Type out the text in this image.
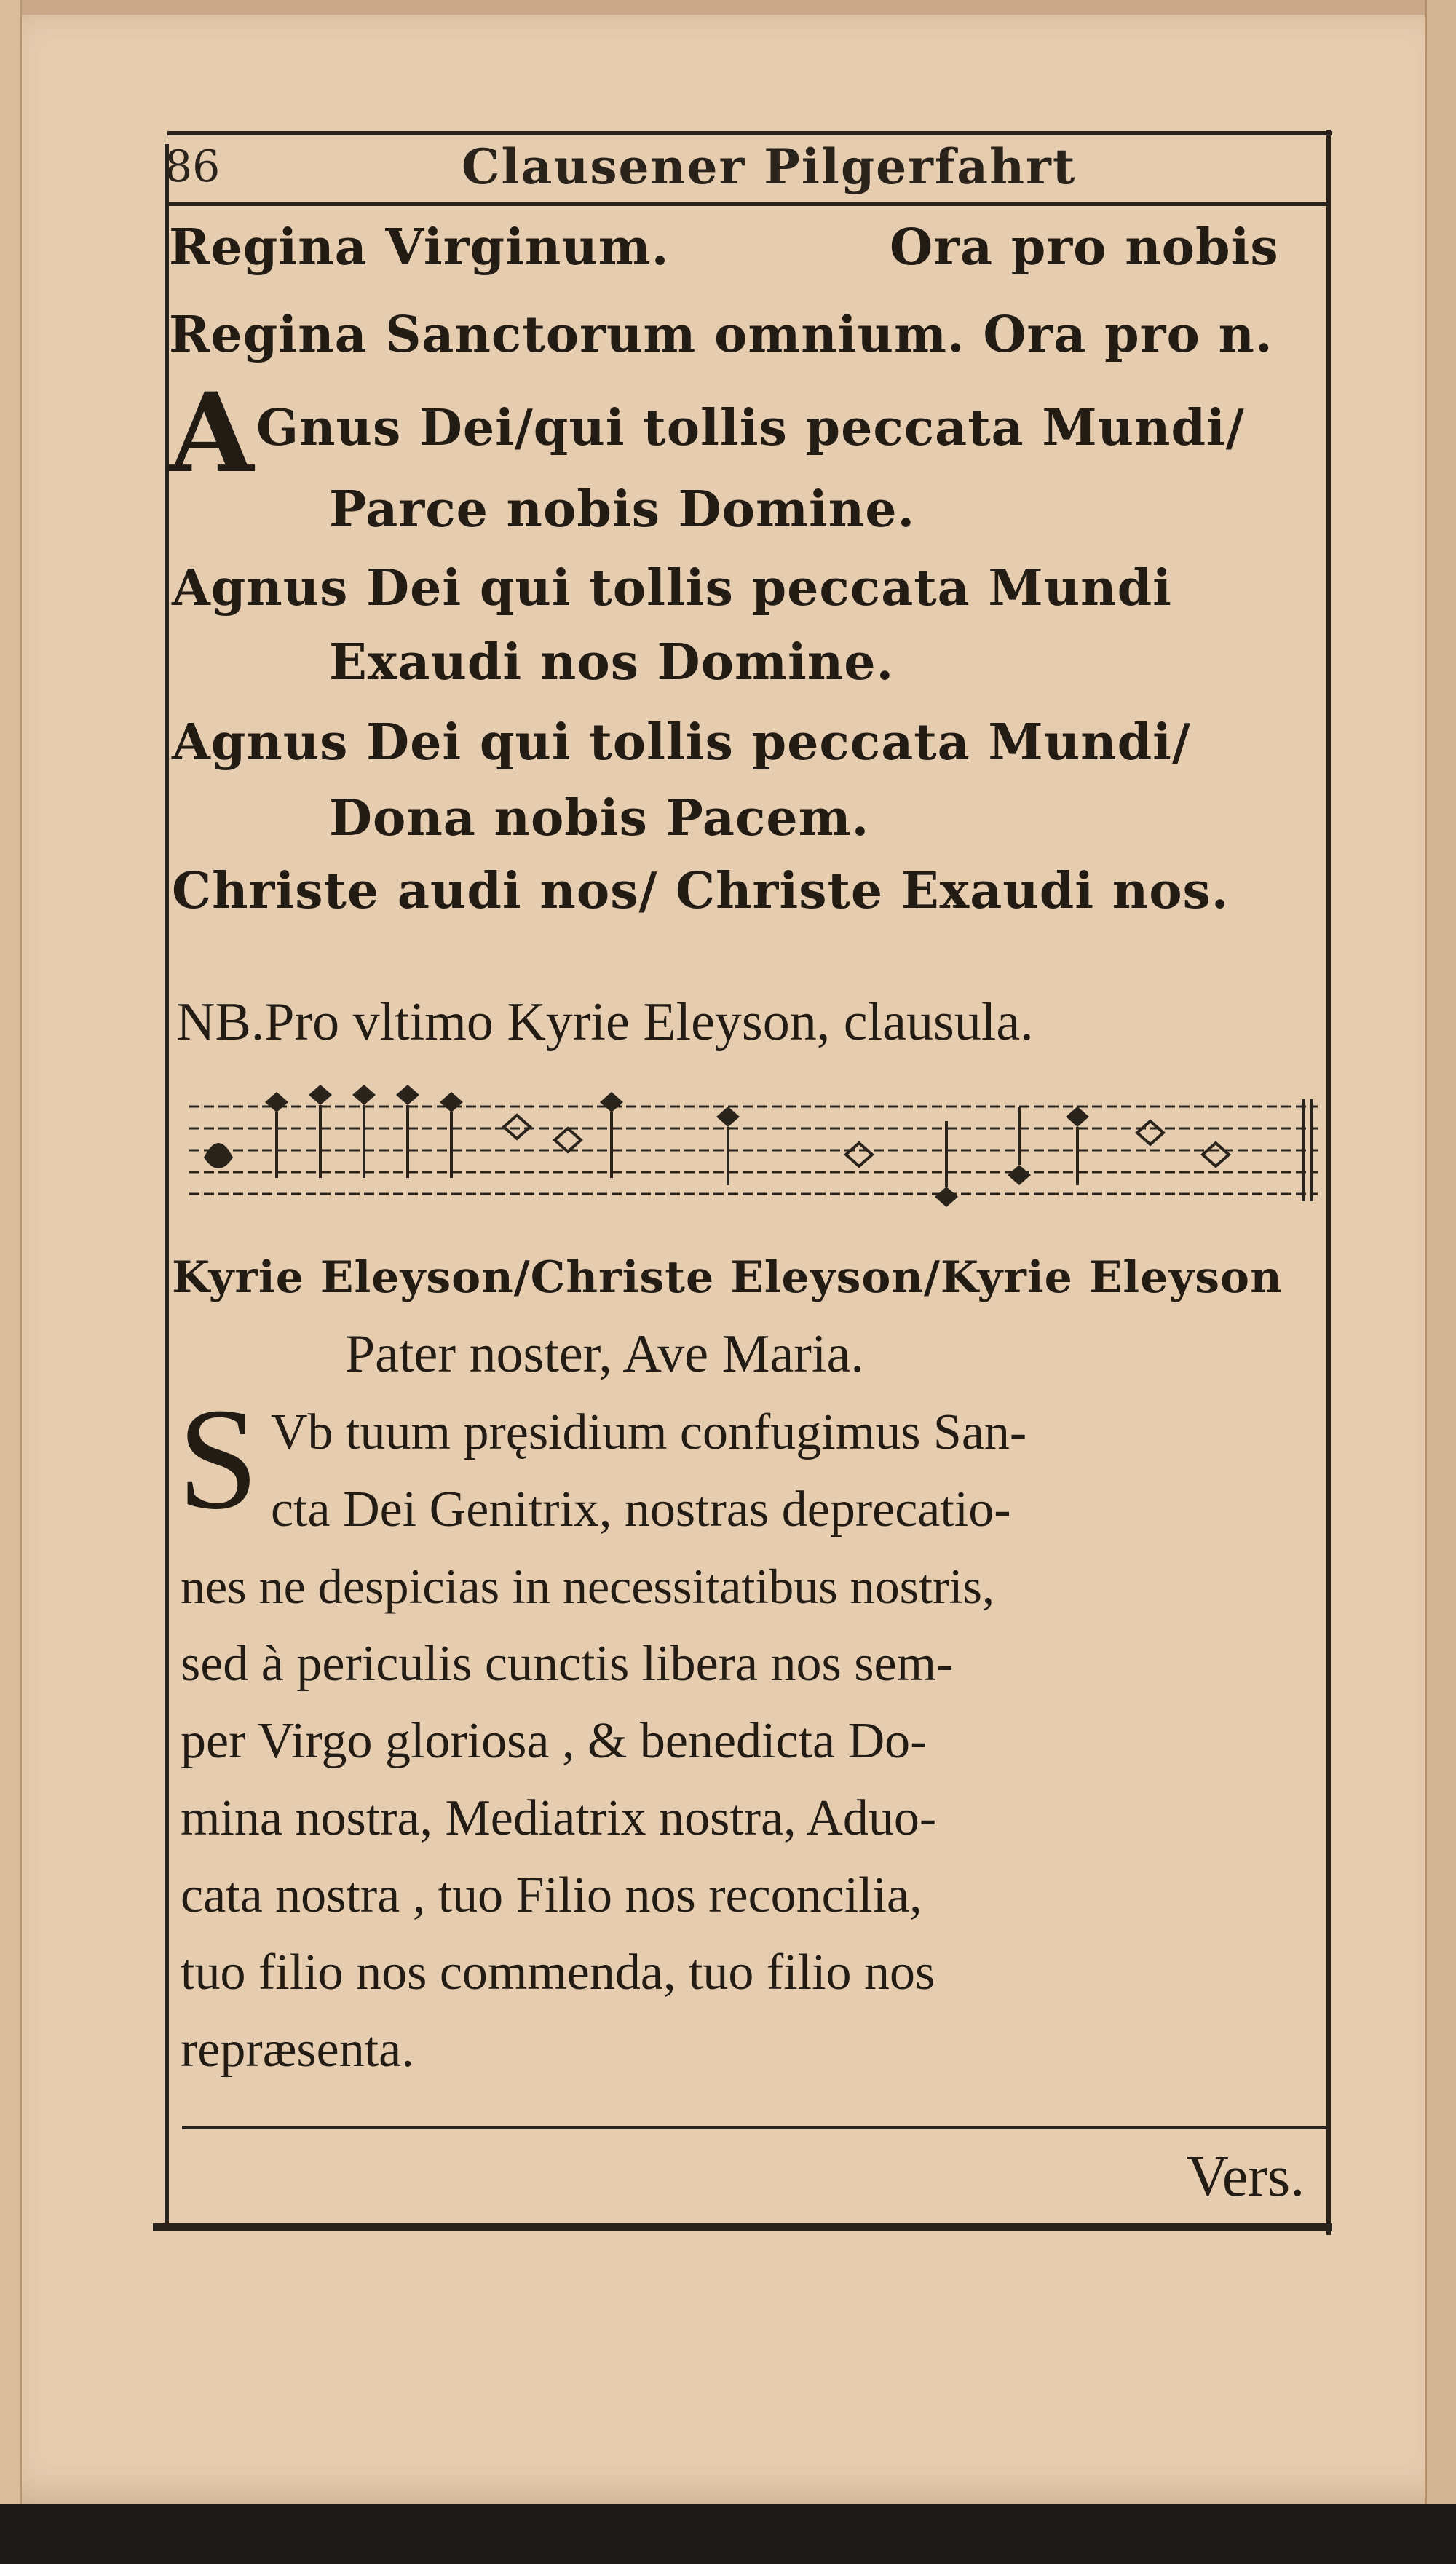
86	Clausener Pilgerfahrt
Regina Virginum.	Ora pro nobis
Regina Sanctorum omnium. Ora pro n.
A Gnus Dei/qui tollis peccata Mundi/
Parce nobis Domine.
Agnus Dei qui tollis peccata Mundi
Exaudi nos Domine.
Agnus Dei qui tollis peccata Mundi/
Dona nobis Pacem.
Christe audi nos/ Christe Exaudi nos.
NB.Pro vltimo Kyrie Eleyson, clausula.
Kyrie Eleyson/Christe Eleyson/Kyrie Eleyson
Pater noster, Ave Maria.
S Vb tuum pręsidium confugimus San-
cta Dei Genitrix, nostras deprecatio-
nes ne despicias in necessitatibus nostris,
sed à periculis cunctis libera nos sem-
per Virgo gloriosa , & benedicta Do-
mina nostra, Mediatrix nostra, Aduo-
cata nostra , tuo Filio nos reconcilia,
tuo filio nos commenda, tuo filio nos
repræsenta.
Vers.
